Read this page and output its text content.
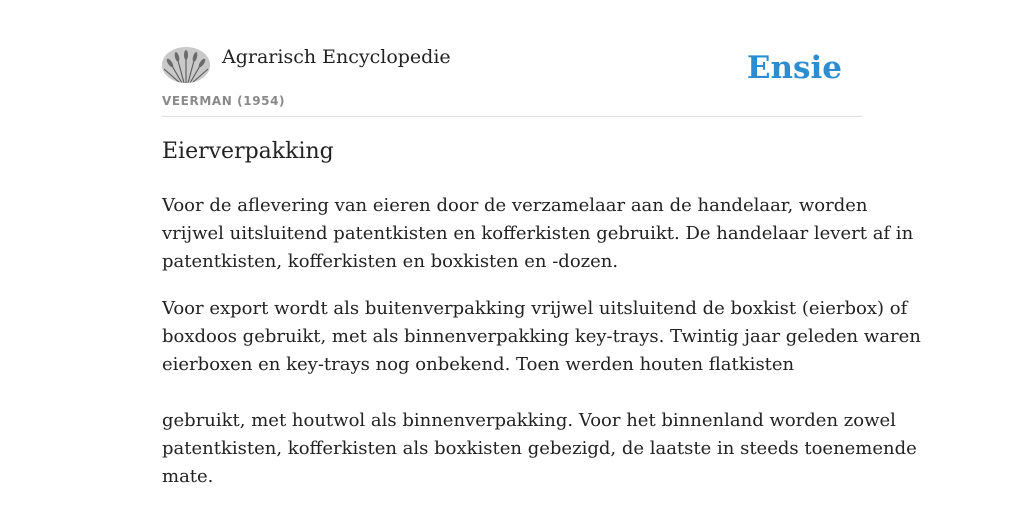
Agrarisch Encyclopedie
VEERMAN (1954)
Ensie
Eierverpakking

Voor de aflevering van eieren door de verzamelaar aan de handelaar, worden

vrijwel uitsluitend patentkisten en kofferkisten gebruikt. De handelaar levert af in

patentkisten, kofferkisten en boxkisten en -dozen.

Voor export wordt als buitenverpakking vrijwel uitsluitend de boxkist (eierbox) of

boxdoos gebruikt, met als binnenverpakking key-trays. Twintig jaar geleden waren

eierboxen en key-trays nog onbekend. Toen werden houten flatkisten

gebruikt, met houtwol als binnenverpakking. Voor het binnenland worden zowel

patentkisten, kofferkisten als boxkisten gebezigd, de laatste in steeds toenemende

mate.
